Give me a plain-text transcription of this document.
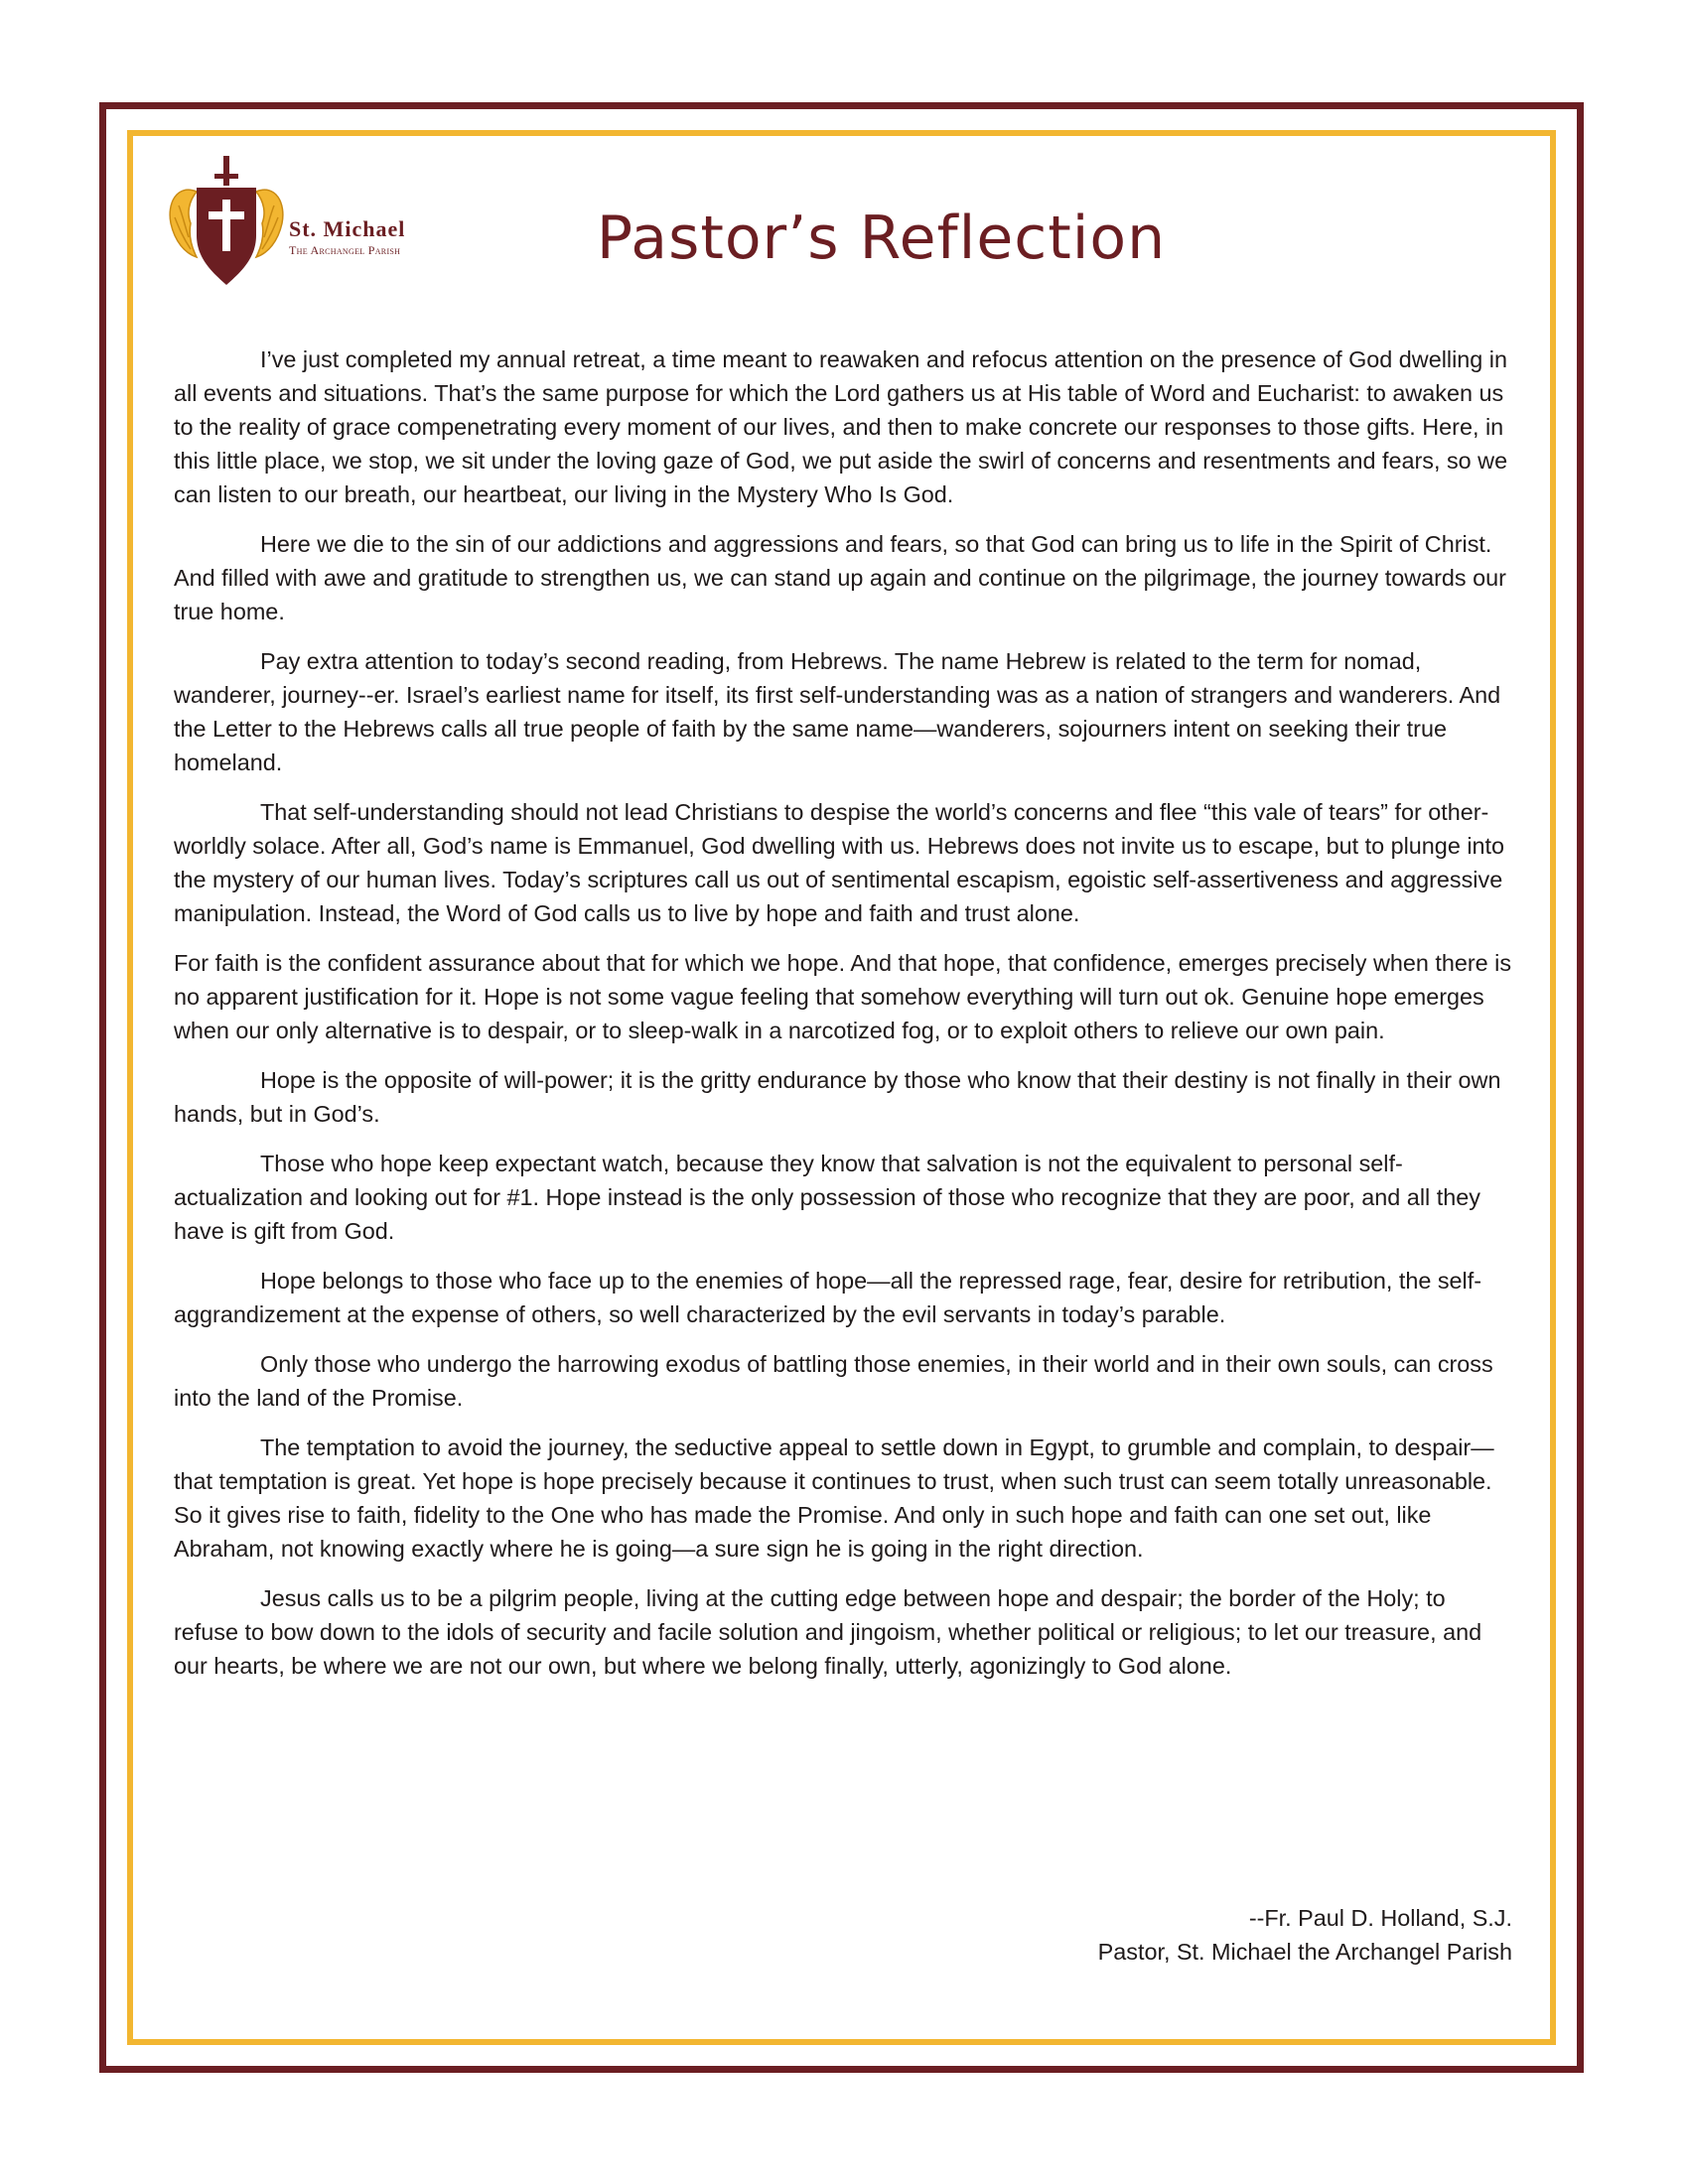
St. Michael
The Archangel Parish	Pastor’s Reflection

I’ve just completed my annual retreat, a time meant to reawaken and refocus attention on the presence of God dwelling in all events and situations. That’s the same purpose for which the Lord gathers us at His table of Word and Eucharist: to awaken us to the reality of grace compenetrating every moment of our lives, and then to make concrete our responses to those gifts. Here, in this little place, we stop, we sit under the loving gaze of God, we put aside the swirl of concerns and resentments and fears, so we can listen to our breath, our heartbeat, our living in the Mystery Who Is God.

Here we die to the sin of our addictions and aggressions and fears, so that God can bring us to life in the Spirit of Christ. And filled with awe and gratitude to strengthen us, we can stand up again and continue on the pilgrimage, the journey towards our true home.

Pay extra attention to today’s second reading, from Hebrews. The name Hebrew is related to the term for nomad, wanderer, journey--er. Israel’s earliest name for itself, its first self-understanding was as a nation of strangers and wanderers. And the Letter to the Hebrews calls all true people of faith by the same name—wanderers, sojourners intent on seeking their true homeland.

That self-understanding should not lead Christians to despise the world’s concerns and flee “this vale of tears” for other-worldly solace. After all, God’s name is Emmanuel, God dwelling with us. Hebrews does not invite us to escape, but to plunge into the mystery of our human lives. Today’s scriptures call us out of sentimental escapism, egoistic self-assertiveness and aggressive manipulation. Instead, the Word of God calls us to live by hope and faith and trust alone.

For faith is the confident assurance about that for which we hope. And that hope, that confidence, emerges precisely when there is no apparent justification for it. Hope is not some vague feeling that somehow everything will turn out ok. Genuine hope emerges when our only alternative is to despair, or to sleep-walk in a narcotized fog, or to exploit others to relieve our own pain.

Hope is the opposite of will-power; it is the gritty endurance by those who know that their destiny is not finally in their own hands, but in God’s.

Those who hope keep expectant watch, because they know that salvation is not the equivalent to personal self-actualization and looking out for #1. Hope instead is the only possession of those who recognize that they are poor, and all they have is gift from God.

Hope belongs to those who face up to the enemies of hope—all the repressed rage, fear, desire for retribution, the self-aggrandizement at the expense of others, so well characterized by the evil servants in today’s parable.

Only those who undergo the harrowing exodus of battling those enemies, in their world and in their own souls, can cross into the land of the Promise.

The temptation to avoid the journey, the seductive appeal to settle down in Egypt, to grumble and complain, to despair—that temptation is great. Yet hope is hope precisely because it continues to trust, when such trust can seem totally unreasonable. So it gives rise to faith, fidelity to the One who has made the Promise. And only in such hope and faith can one set out, like Abraham, not knowing exactly where he is going—a sure sign he is going in the right direction.

Jesus calls us to be a pilgrim people, living at the cutting edge between hope and despair; the border of the Holy; to refuse to bow down to the idols of security and facile solution and jingoism, whether political or religious; to let our treasure, and our hearts, be where we are not our own, but where we belong finally, utterly, agonizingly to God alone.

--Fr. Paul D. Holland, S.J.
Pastor, St. Michael the Archangel Parish
